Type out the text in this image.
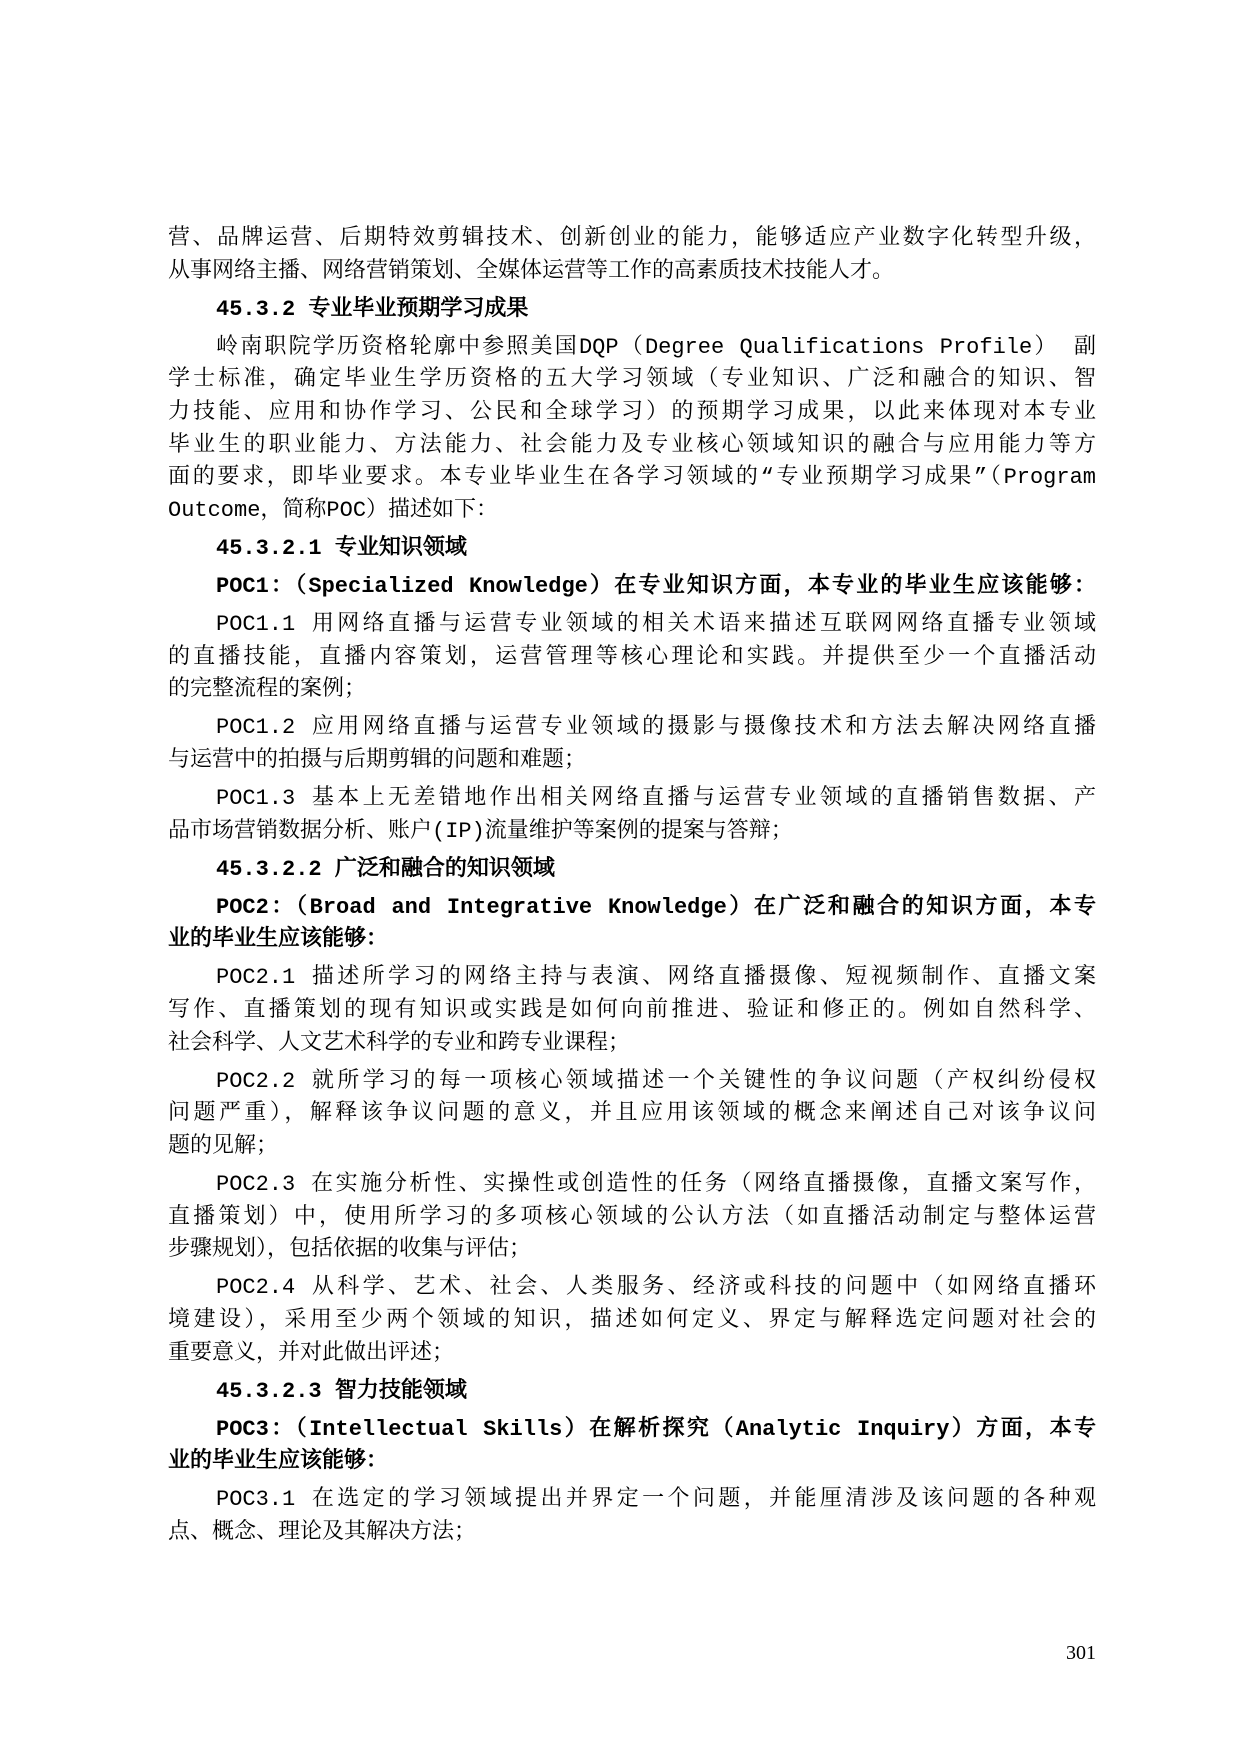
营、品牌运营、后期特效剪辑技术、创新创业的能力，能够适应产业数字化转型升级，
从事网络主播、网络营销策划、全媒体运营等工作的高素质技术技能人才。
45.3.2 专业毕业预期学习成果
岭南职院学历资格轮廓中参照美国DQP（Degree Qualifications Profile） 副
学士标准，确定毕业生学历资格的五大学习领域（专业知识、广泛和融合的知识、智
力技能、应用和协作学习、公民和全球学习）的预期学习成果，以此来体现对本专业
毕业生的职业能力、方法能力、社会能力及专业核心领域知识的融合与应用能力等方
面的要求，即毕业要求。本专业毕业生在各学习领域的“专业预期学习成果”（Program
Outcome，简称POC）描述如下：
45.3.2.1 专业知识领域
POC1：（Specialized Knowledge）在专业知识方面，本专业的毕业生应该能够：
POC1.1 用网络直播与运营专业领域的相关术语来描述互联网网络直播专业领域
的直播技能，直播内容策划，运营管理等核心理论和实践。并提供至少一个直播活动
的完整流程的案例；
POC1.2 应用网络直播与运营专业领域的摄影与摄像技术和方法去解决网络直播
与运营中的拍摄与后期剪辑的问题和难题；
POC1.3 基本上无差错地作出相关网络直播与运营专业领域的直播销售数据、产
品市场营销数据分析、账户(IP)流量维护等案例的提案与答辩；
45.3.2.2 广泛和融合的知识领域
POC2：（Broad and Integrative Knowledge）在广泛和融合的知识方面，本专
业的毕业生应该能够：
POC2.1 描述所学习的网络主持与表演、网络直播摄像、短视频制作、直播文案
写作、直播策划的现有知识或实践是如何向前推进、验证和修正的。例如自然科学、
社会科学、人文艺术科学的专业和跨专业课程；
POC2.2 就所学习的每一项核心领域描述一个关键性的争议问题（产权纠纷侵权
问题严重），解释该争议问题的意义，并且应用该领域的概念来阐述自己对该争议问
题的见解；
POC2.3 在实施分析性、实操性或创造性的任务（网络直播摄像，直播文案写作，
直播策划）中，使用所学习的多项核心领域的公认方法（如直播活动制定与整体运营
步骤规划），包括依据的收集与评估；
POC2.4 从科学、艺术、社会、人类服务、经济或科技的问题中（如网络直播环
境建设），采用至少两个领域的知识，描述如何定义、界定与解释选定问题对社会的
重要意义，并对此做出评述；
45.3.2.3 智力技能领域
POC3：（Intellectual Skills）在解析探究（Analytic Inquiry）方面，本专
业的毕业生应该能够：
POC3.1 在选定的学习领域提出并界定一个问题，并能厘清涉及该问题的各种观
点、概念、理论及其解决方法；
301
